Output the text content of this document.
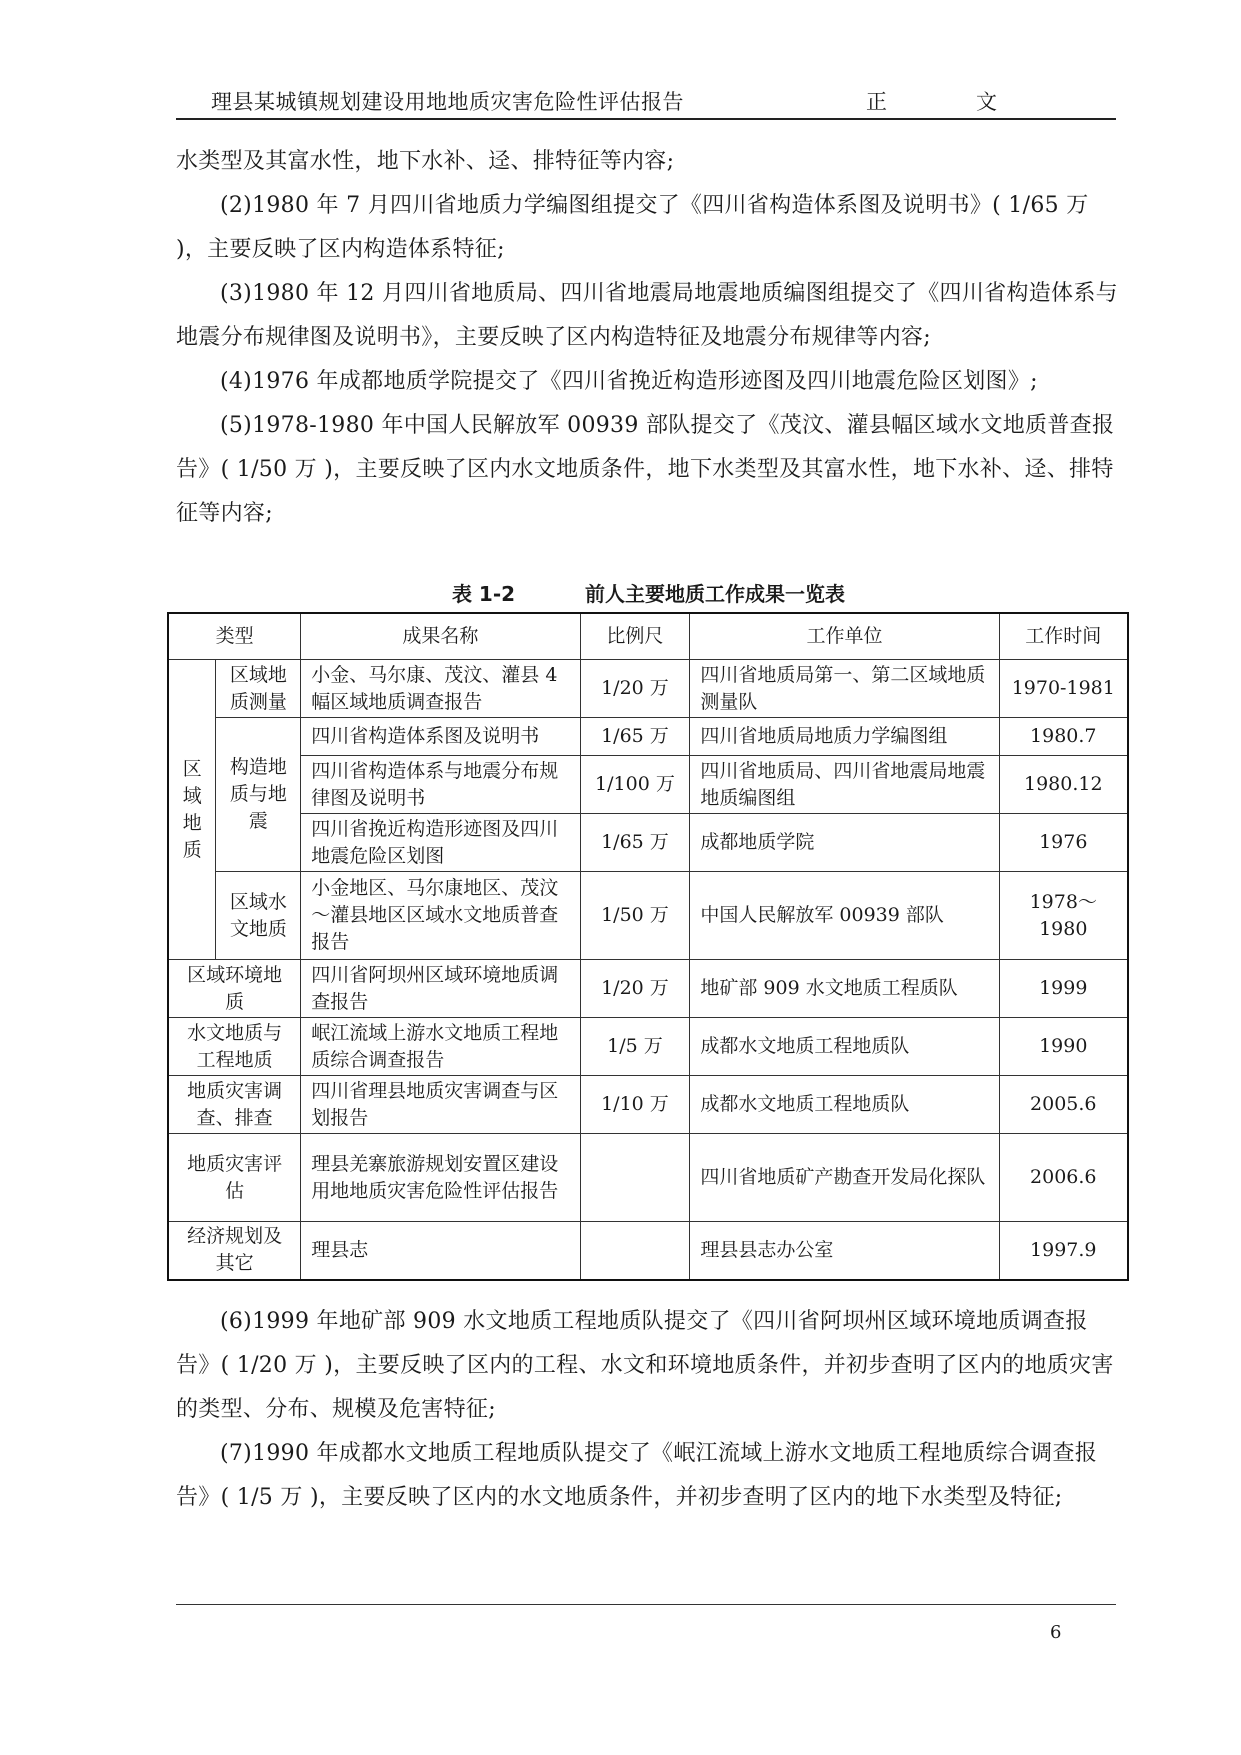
理县某城镇规划建设用地地质灾害危险性评估报告	正	文

水类型及其富水性，地下水补、迳、排特征等内容;

(2)1980 年 7 月四川省地质力学编图组提交了《四川省构造体系图及说明书》( 1/65 万 )，主要反映了区内构造体系特征;

(3)1980 年 12 月四川省地质局、四川省地震局地震地质编图组提交了《四川省构造体系与地震分布规律图及说明书》，主要反映了区内构造特征及地震分布规律等内容;

(4)1976 年成都地质学院提交了《四川省挽近构造形迹图及四川地震危险区划图》;

(5)1978-1980 年中国人民解放军 00939 部队提交了《茂汶、灌县幅区域水文地质普查报告》( 1/50 万 )，主要反映了区内水文地质条件，地下水类型及其富水性，地下水补、迳、排特征等内容;

表 1-2	前人主要地质工作成果一览表
类型		成果名称	比例尺	工作单位	工作时间

区域地质	区域地质测量	小金、马尔康、茂汶、灌县 4 幅区域地质调查报告	1/20 万	四川省地质局第一、第二区域地质测量队	1970-1981
	构造地质与地震	四川省构造体系图及说明书	1/65 万	四川省地质局地质力学编图组	1980.7
		四川省构造体系与地震分布规律图及说明书	1/100 万	四川省地质局、四川省地震局地震地质编图组	1980.12
		四川省挽近构造形迹图及四川地震危险区划图	1/65 万	成都地质学院	1976
	区域水文地质	小金地区、马尔康地区、茂汶～灌县地区区域水文地质普查报告	1/50 万	中国人民解放军 00939 部队	1978～1980
区域环境地质		四川省阿坝州区域环境地质调查报告	1/20 万	地矿部 909 水文地质工程质队	1999
水文地质与工程地质		岷江流域上游水文地质工程地质综合调查报告	1/5 万	成都水文地质工程地质队	1990
地质灾害调查、排查		四川省理县地质灾害调查与区划报告	1/10 万	成都水文地质工程地质队	2005.6
地质灾害评估		理县羌寨旅游规划安置区建设用地地质灾害危险性评估报告		四川省地质矿产勘查开发局化探队	2006.6
经济规划及其它		理县志		理县县志办公室	1997.9

(6)1999 年地矿部 909 水文地质工程地质队提交了《四川省阿坝州区域环境地质调查报告》( 1/20 万 )，主要反映了区内的工程、水文和环境地质条件，并初步查明了区内的地质灾害的类型、分布、规模及危害特征;

(7)1990 年成都水文地质工程地质队提交了《岷江流域上游水文地质工程地质综合调查报告》( 1/5 万 )，主要反映了区内的水文地质条件，并初步查明了区内的地下水类型及特征;

6
